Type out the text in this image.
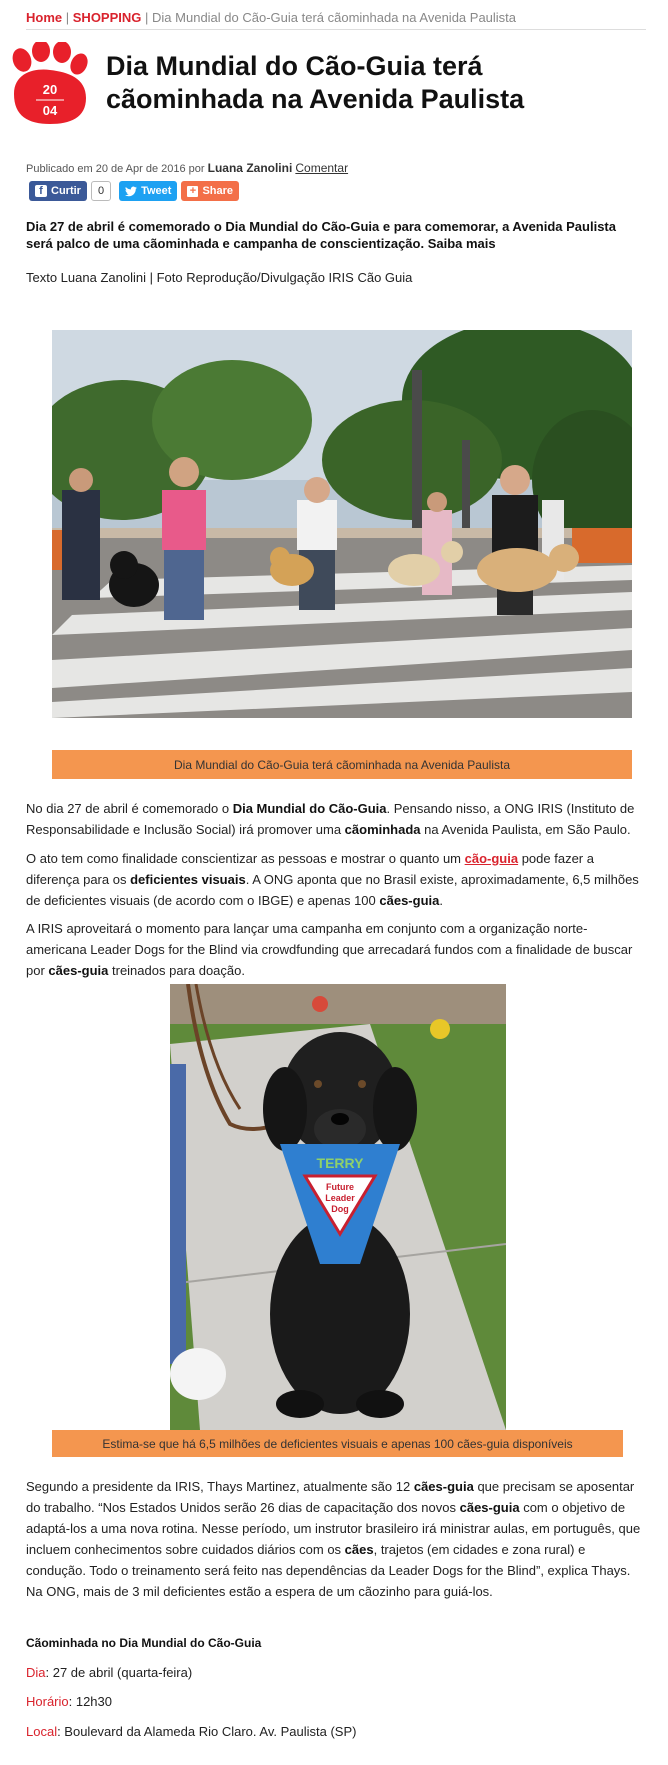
Home | SHOPPING | Dia Mundial do Cão-Guia terá cãominhada na Avenida Paulista
20
04
Dia Mundial do Cão-Guia terá cãominhada na Avenida Paulista
Publicado em 20 de Apr de 2016 por Luana Zanolini Comentar
f Curtir	0	Tweet + Share

Dia 27 de abril é comemorado o Dia Mundial do Cão-Guia e para comemorar, a Avenida Paulista será palco de uma cãominhada e campanha de conscientização. Saiba mais

Texto Luana Zanolini | Foto Reprodução/Divulgação IRIS Cão Guia

Dia Mundial do Cão-Guia terá cãominhada na Avenida Paulista

No dia 27 de abril é comemorado o Dia Mundial do Cão-Guia. Pensando nisso, a ONG IRIS (Instituto de Responsabilidade e Inclusão Social) irá promover uma cãominhada na Avenida Paulista, em São Paulo.

O ato tem como finalidade conscientizar as pessoas e mostrar o quanto um cão-guia pode fazer a diferença para os deficientes visuais. A ONG aponta que no Brasil existe, aproximadamente, 6,5 milhões de deficientes visuais (de acordo com o IBGE) e apenas 100 cães-guia.

A IRIS aproveitará o momento para lançar uma campanha em conjunto com a organização norte-americana Leader Dogs for the Blind via crowdfunding que arrecadará fundos com a finalidade de buscar por cães-guia treinados para doação.

TERRY
Future
Leader
Dog
Estima-se que há 6,5 milhões de deficientes visuais e apenas 100 cães-guia disponíveis

Segundo a presidente da IRIS, Thays Martinez, atualmente são 12 cães-guia que precisam se aposentar do trabalho. “Nos Estados Unidos serão 26 dias de capacitação dos novos cães-guia com o objetivo de adaptá-los a uma nova rotina. Nesse período, um instrutor brasileiro irá ministrar aulas, em português, que incluem conhecimentos sobre cuidados diários com os cães, trajetos (em cidades e zona rural) e condução. Todo o treinamento será feito nas dependências da Leader Dogs for the Blind”, explica Thays. Na ONG, mais de 3 mil deficientes estão a espera de um cãozinho para guiá-los.

Cãominhada no Dia Mundial do Cão-Guia
Dia: 27 de abril (quarta-feira)
Horário: 12h30
Local: Boulevard da Alameda Rio Claro. Av. Paulista (SP)
